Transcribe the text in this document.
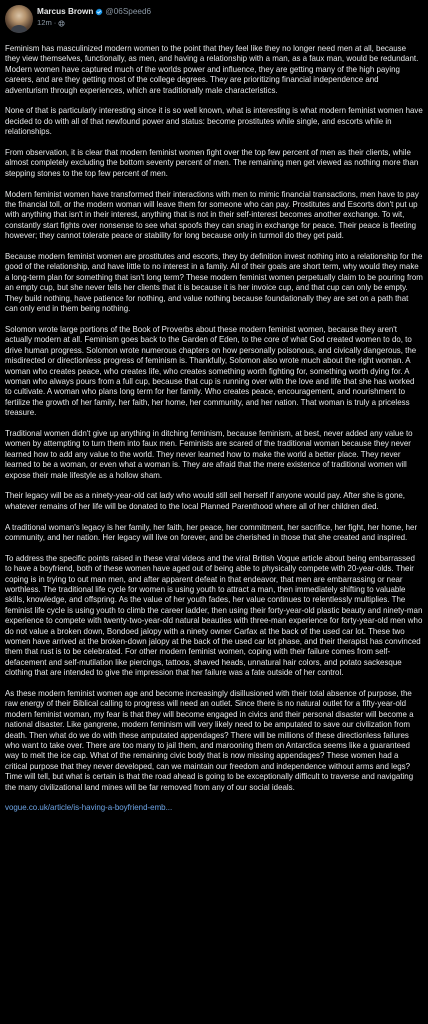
Marcus Brown @06Speed6
12m ·

Feminism has masculinized modern women to the point that they feel like they no longer need men at all, because they view themselves, functionally, as men, and having a relationship with a man, as a faux man, would be redundant. Modern women have captured much of the worlds power and influence, they are getting many of the high paying careers, and are they getting most of the college degrees. They are prioritizing financial independence and adventurism through experiences, which are traditionally male characteristics.

None of that is particularly interesting since it is so well known, what is interesting is what modern feminist women have decided to do with all of that newfound power and status: become prostitutes while single, and escorts while in relationships.

From observation, it is clear that modern feminist women fight over the top few percent of men as their clients, while almost completely excluding the bottom seventy percent of men. The remaining men get viewed as nothing more than stepping stones to the top few percent of men.

Modern feminist women have transformed their interactions with men to mimic financial transactions, men have to pay the financial toll, or the modern woman will leave them for someone who can pay. Prostitutes and Escorts don't put up with anything that isn't in their interest, anything that is not in their self-interest becomes another exchange. To wit, constantly start fights over nonsense to see what spoofs they can snag in exchange for peace. Their peace is fleeting however; they cannot tolerate peace or stability for long because only in turmoil do they get paid.

Because modern feminist women are prostitutes and escorts, they by definition invest nothing into a relationship for the good of the relationship, and have little to no interest in a family. All of their goals are short term, why would they make a long-term plan for something that isn't long term? These modern feminist women perpetually claim to be pouring from an empty cup, but she never tells her clients that it is because it is her invoice cup, and that cup can only be empty. They build nothing, have patience for nothing, and value nothing because foundationally they are set on a path that can only end in them being nothing.

Solomon wrote large portions of the Book of Proverbs about these modern feminist women, because they aren't actually modern at all. Feminism goes back to the Garden of Eden, to the core of what God created women to do, to drive human progress. Solomon wrote numerous chapters on how personally poisonous, and civically dangerous, the misdirected or directionless progress of feminism is. Thankfully, Solomon also wrote much about the right woman. A woman who creates peace, who creates life, who creates something worth fighting for, something worth dying for. A woman who always pours from a full cup, because that cup is running over with the love and life that she has worked to cultivate. A woman who plans long term for her family. Who creates peace, encouragement, and nourishment to fertilize the growth of her family, her faith, her home, her community, and her nation. That woman is truly a priceless treasure.

Traditional women didn't give up anything in ditching feminism, because feminism, at best, never added any value to women by attempting to turn them into faux men. Feminists are scared of the traditional woman because they never learned how to add any value to the world. They never learned how to make the world a better place. They never learned to be a woman, or even what a woman is. They are afraid that the mere existence of traditional women will expose their male lifestyle as a hollow sham.

Their legacy will be as a ninety-year-old cat lady who would still sell herself if anyone would pay. After she is gone, whatever remains of her life will be donated to the local Planned Parenthood where all of her children died.

A traditional woman's legacy is her family, her faith, her peace, her commitment, her sacrifice, her fight, her home, her community, and her nation. Her legacy will live on forever, and be cherished in those that she created and inspired.

To address the specific points raised in these viral videos and the viral British Vogue article about being embarrassed to have a boyfriend, both of these women have aged out of being able to physically compete with 20-year-olds. Their coping is in trying to out man men, and after apparent defeat in that endeavor, that men are embarrassing or near worthless. The traditional life cycle for women is using youth to attract a man, then immediately shifting to valuable skills, knowledge, and offspring. As the value of her youth fades, her value continues to relentlessly multiplies. The feminist life cycle is using youth to climb the career ladder, then using their forty-year-old plastic beauty and ninety-man experience to compete with twenty-two-year-old natural beauties with three-man experience for forty-year-old men who do not value a broken down, Bondoed jalopy with a ninety owner Carfax at the back of the used car lot. These two women have arrived at the broken-down jalopy at the back of the used car lot phase, and their therapist has convinced them that rust is to be celebrated. For other modern feminist women, coping with their failure comes from self-defacement and self-mutilation like piercings, tattoos, shaved heads, unnatural hair colors, and potato sackesque clothing that are intended to give the impression that her failure was a fate outside of her control.

As these modern feminist women age and become increasingly disillusioned with their total absence of purpose, the raw energy of their Biblical calling to progress will need an outlet. Since there is no natural outlet for a fifty-year-old modern feminist woman, my fear is that they will become engaged in civics and their personal disaster will become a national disaster. Like gangrene, modern feminism will very likely need to be amputated to save our civilization from death. Then what do we do with these amputated appendages? There will be millions of these directionless failures who want to take over. There are too many to jail them, and marooning them on Antarctica seems like a guaranteed way to melt the ice cap. What of the remaining civic body that is now missing appendages? These women had a critical purpose that they never developed, can we maintain our freedom and independence without arms and legs? Time will tell, but what is certain is that the road ahead is going to be exceptionally difficult to traverse and navigating the many civilizational land mines will be far removed from any of our social ideals.

vogue.co.uk/article/is-having-a-boyfriend-emb...
